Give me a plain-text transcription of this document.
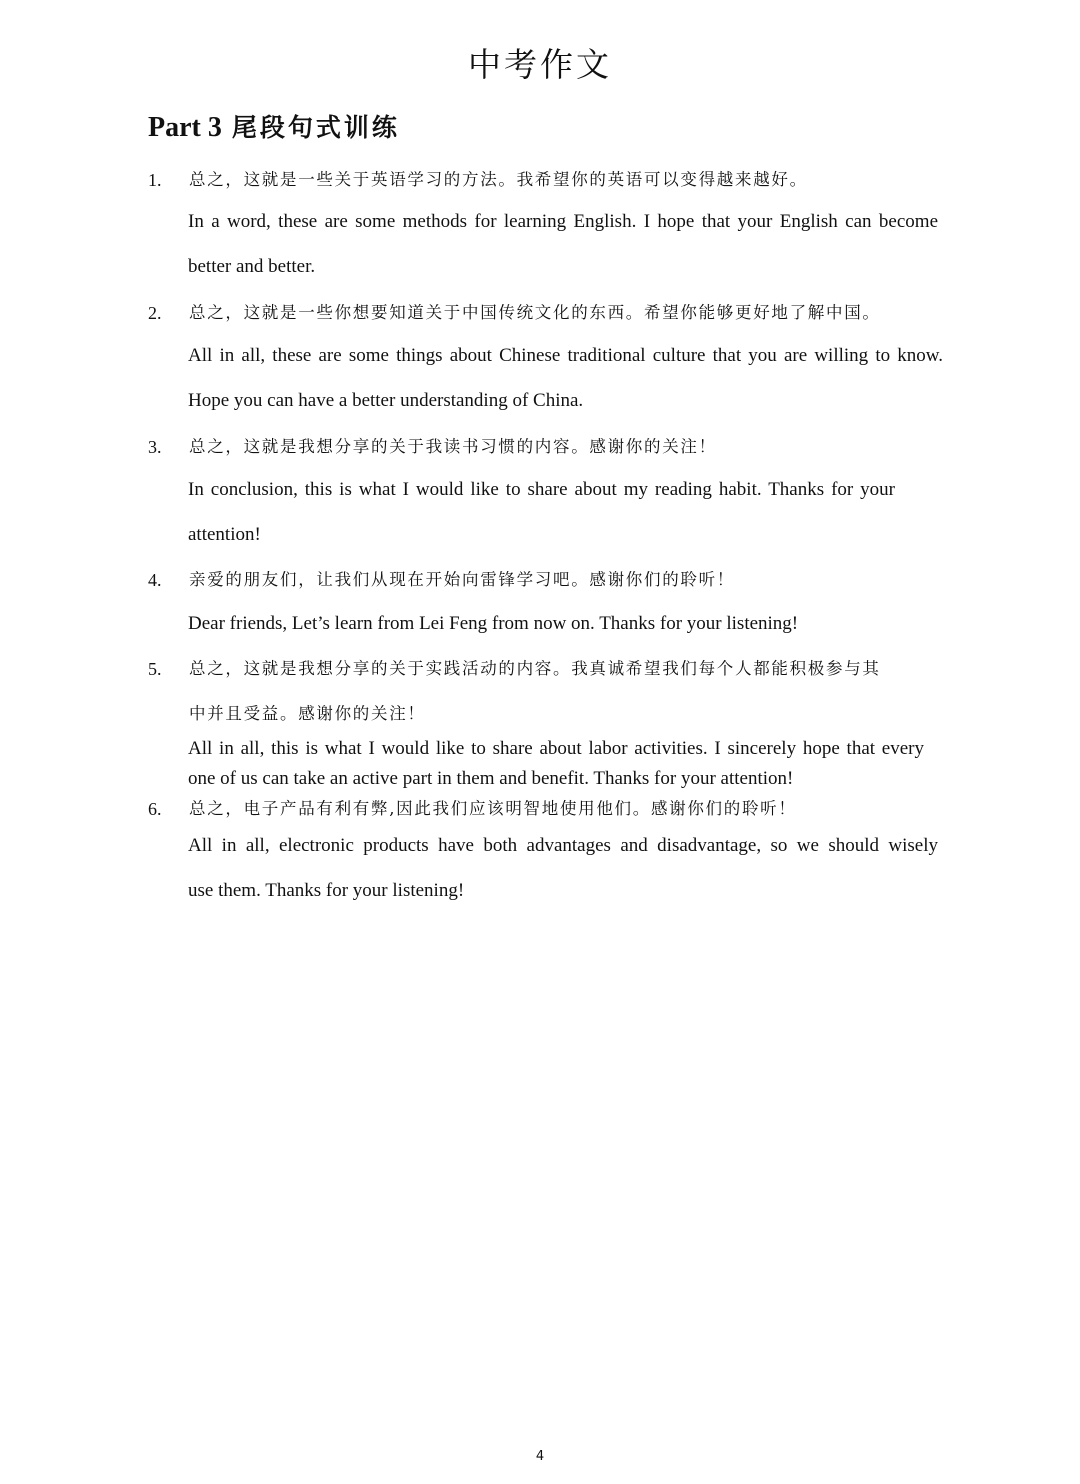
中考作文
Part 3 尾段句式训练
1. 总之，这就是一些关于英语学习的方法。我希望你的英语可以变得越来越好。
In a word, these are some methods for learning English. I hope that your English can become
better and better.
2. 总之，这就是一些你想要知道关于中国传统文化的东西。希望你能够更好地了解中国。
All in all, these are some things about Chinese traditional culture that you are willing to know.
Hope you can have a better understanding of China.
3. 总之，这就是我想分享的关于我读书习惯的内容。感谢你的关注！
In conclusion, this is what I would like to share about my reading habit. Thanks for your
attention!
4. 亲爱的朋友们，让我们从现在开始向雷锋学习吧。感谢你们的聆听！
Dear friends, Let’s learn from Lei Feng from now on. Thanks for your listening!
5. 总之，这就是我想分享的关于实践活动的内容。我真诚希望我们每个人都能积极参与其
中并且受益。感谢你的关注！
All in all, this is what I would like to share about labor activities. I sincerely hope that every
one of us can take an active part in them and benefit. Thanks for your attention!
6. 总之，电子产品有利有弊,因此我们应该明智地使用他们。感谢你们的聆听！
All in all, electronic products have both advantages and disadvantage, so we should wisely
use them. Thanks for your listening!
4
